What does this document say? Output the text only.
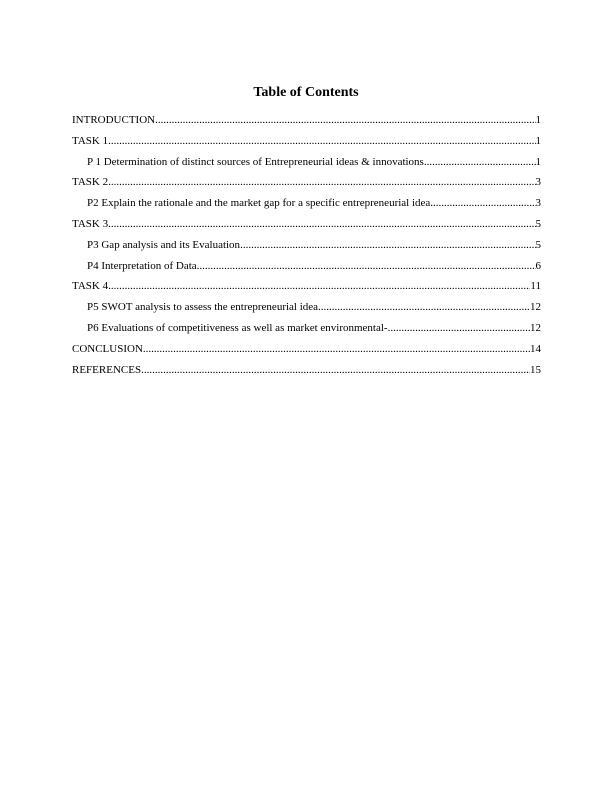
Table of Contents
INTRODUCTION .....	1
TASK 1 .....	1
P 1 Determination of distinct sources of Entrepreneurial ideas & innovations .....	1
TASK 2 .....	3
P2 Explain the rationale and the market gap for a specific entrepreneurial idea .....	3
TASK 3 .....	5
P3 Gap analysis and its Evaluation .....	5
P4 Interpretation of Data .....	6
TASK 4 .....	11
P5 SWOT analysis to assess the entrepreneurial idea .....	12
P6 Evaluations of competitiveness as well as market environmental- .....	12
CONCLUSION .....	14
REFERENCES .....	15
